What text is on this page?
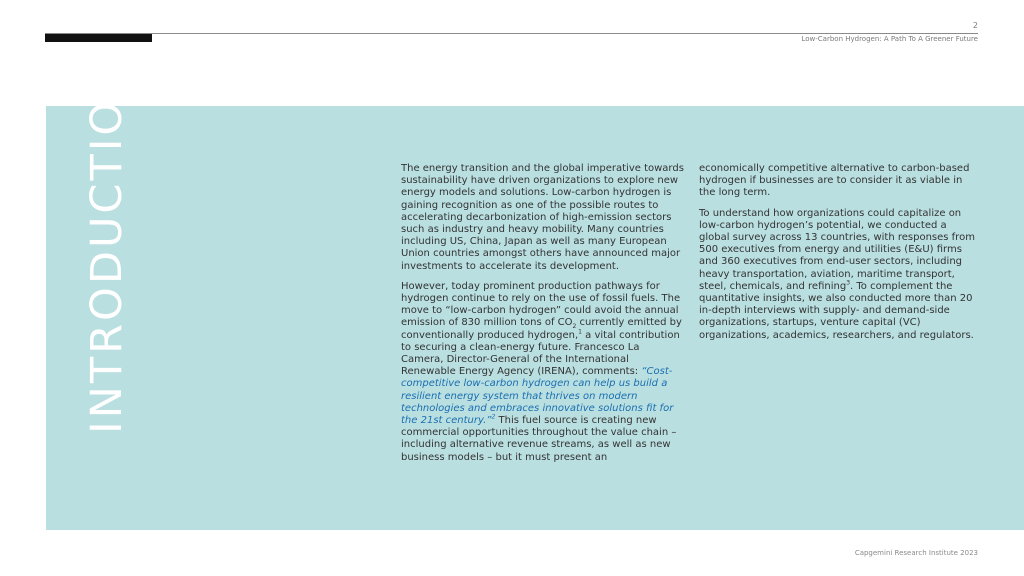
2
Low-Carbon Hydrogen: A Path To A Greener Future
INTRODUCTION	The energy transition and the global imperative towards sustainability have driven organizations to explore new energy models and solutions. Low-carbon hydrogen is gaining recognition as one of the possible routes to accelerating decarbonization of high-emission sectors such as industry and heavy mobility. Many countries including US, China, Japan as well as many European Union countries amongst others have announced major investments to accelerate its development.

However, today prominent production pathways for hydrogen continue to rely on the use of fossil fuels. The move to “low-carbon hydrogen” could avoid the annual emission of 830 million tons of $CO_2$ currently emitted by conventionally produced hydrogen,$^1$ a vital contribution to securing a clean-energy future. Francesco La Camera, Director-General of the International Renewable Energy Agency (IRENA), comments: “Cost-competitive low-carbon hydrogen can help us build a resilient energy system that thrives on modern technologies and embraces innovative solutions fit for the 21st century.”$^2$ This fuel source is creating new commercial opportunities throughout the value chain – including alternative revenue streams, as well as new business models – but it must present an

economically competitive alternative to carbon-based hydrogen if businesses are to consider it as viable in the long term.

To understand how organizations could capitalize on low-carbon hydrogen’s potential, we conducted a global survey across 13 countries, with responses from 500 executives from energy and utilities (E&U) firms and 360 executives from end-user sectors, including heavy transportation, aviation, maritime transport, steel, chemicals, and refining$^3$. To complement the quantitative insights, we also conducted more than 20 in-depth interviews with supply- and demand-side organizations, startups, venture capital (VC) organizations, academics, researchers, and regulators.

Capgemini Research Institute 2023
